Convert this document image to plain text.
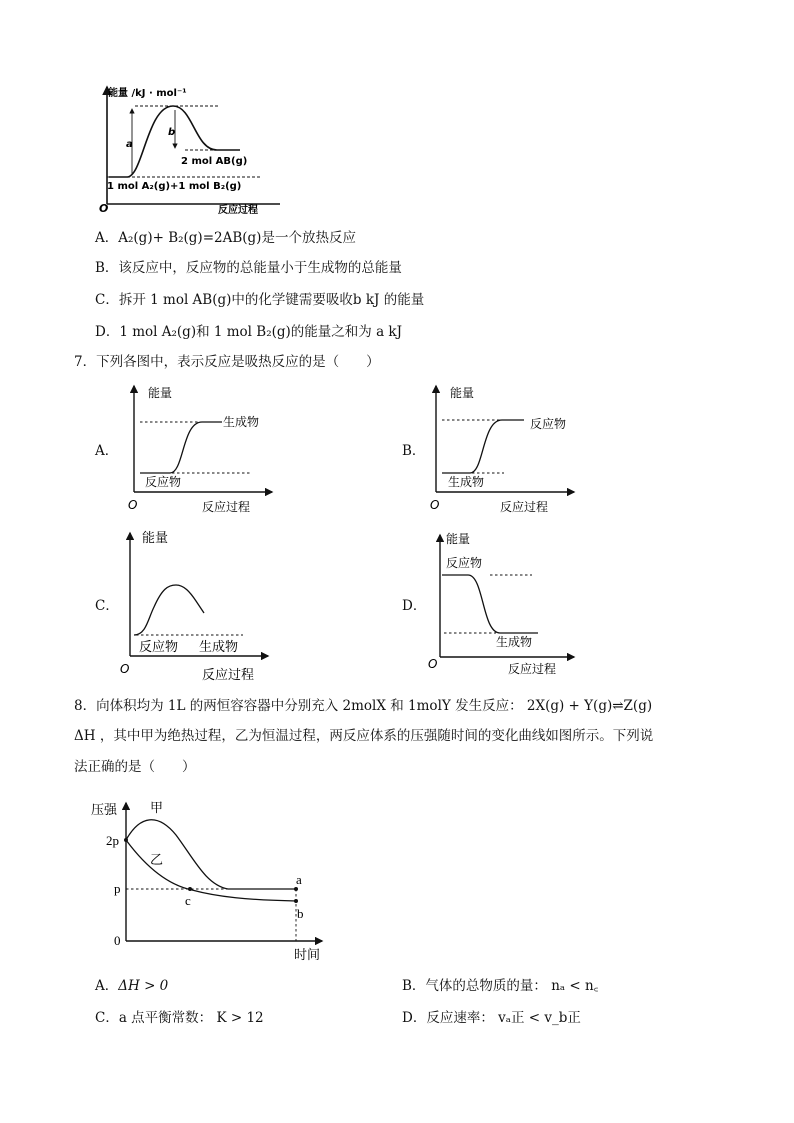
a
b
能量 /kJ · mol⁻¹
2 mol AB(g)
1 mol A₂(g)+1 mol B₂(g)
O	反应过程
A．A₂(g)+ B₂(g)=2AB(g)是一个放热反应
B．该反应中，反应物的总能量小于生成物的总能量
C．拆开 1 mol AB(g)中的化学键需要吸收b kJ 的能量
D．1 mol A₂(g)和 1 mol B₂(g)的能量之和为 a kJ
7．下列各图中，表示反应是吸热反应的是（　　）
A．
能量
生成物
反应物
O	反应过程
B．
能量
反应物
生成物
O	反应过程
C．
能量
反应物 生成物
O	反应过程
D．
能量
反应物
生成物
O	反应过程
8．向体积均为 1L 的两恒容容器中分别充入 2molX 和 1molY 发生反应： 2X(g) + Y(g)⇌Z(g)
ΔH ，其中甲为绝热过程，乙为恒温过程，两反应体系的压强随时间的变化曲线如图所示。下列说
法正确的是（　　）
压强	甲
乙
2p
p
0
c
a
b
时间
A．ΔH > 0	B．气体的总物质的量： nₐ < n꜀
C．a 点平衡常数： K > 12	D．反应速率： vₐ正 < v_b正
